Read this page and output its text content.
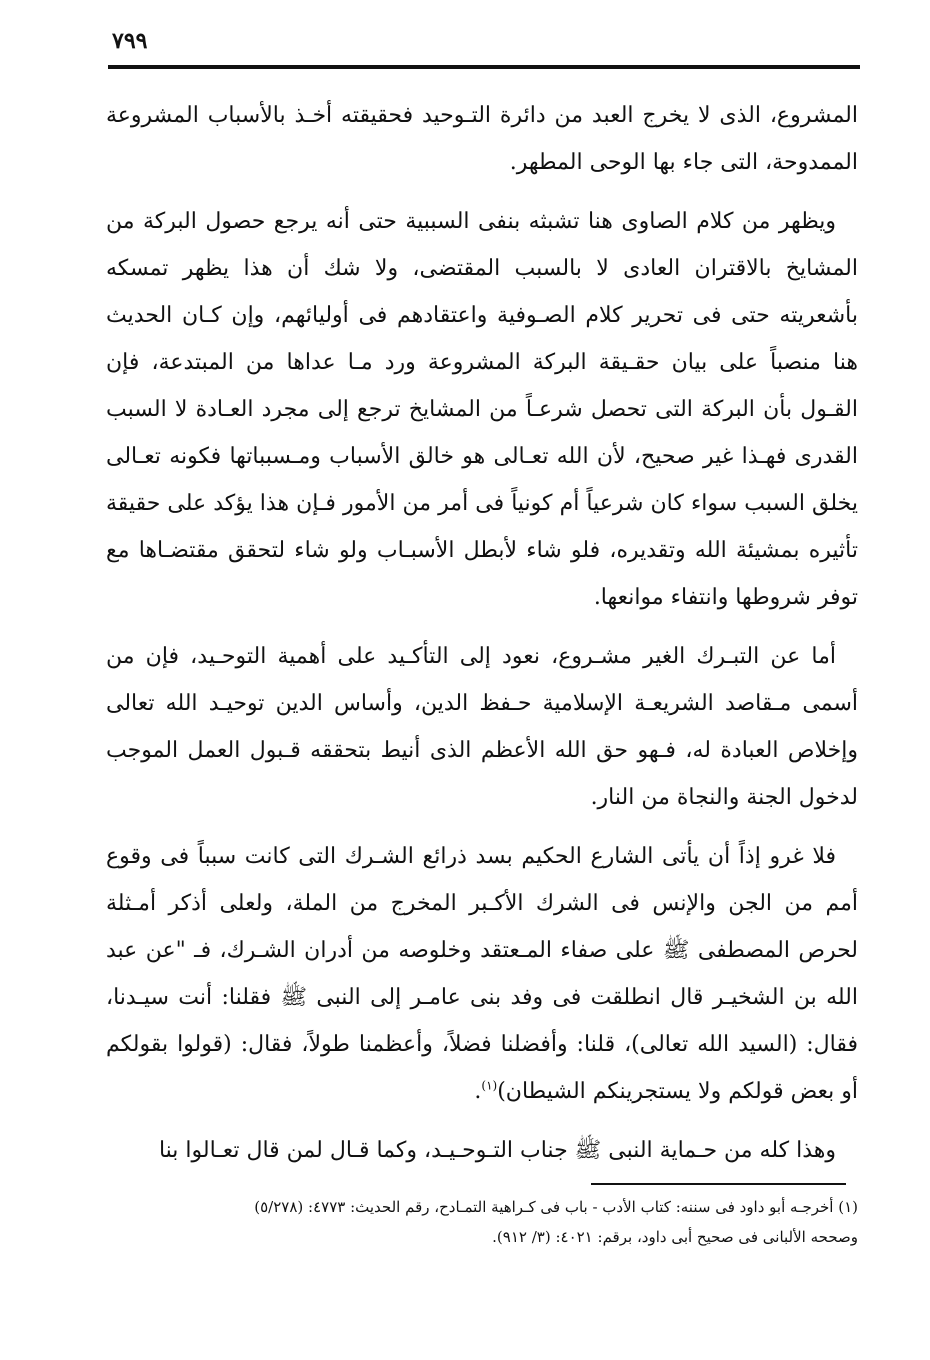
٧٩٩

المشروع، الذى لا يخرج العبد من دائرة التـوحيد فحقيقته أخـذ بالأسباب المشروعة الممدوحة، التى جاء بها الوحى المطهر.

ويظهر من كلام الصاوى هنا تشبثه بنفى السببية حتى أنه يرجع حصول البركة من المشايخ بالاقتران العادى لا بالسبب المقتضى، ولا شك أن هذا يظهر تمسكه بأشعريته حتى فى تحرير كلام الصـوفية واعتقادهم فى أوليائهم، وإن كـان الحديث هنا منصباً على بيان حقـيقة البركة المشروعة ورد مـا عداها من المبتدعة، فإن القـول بأن البركة التى تحصل شرعـاً من المشايخ ترجع إلى مجرد العـادة لا السبب القدرى فهـذا غير صحيح، لأن الله تعـالى هو خالق الأسباب ومـسبباتها فكونه تعـالى يخلق السبب سواء كان شرعياً أم كونياً فى أمر من الأمور فـإن هذا يؤكد على حقيقة تأثيره بمشيئة الله وتقديره، فلو شاء لأبطل الأسبـاب ولو شاء لتحقق مقتضـاها مع توفر شروطها وانتفاء موانعها.

أما عن التبـرك الغير مشـروع، نعود إلى التأكـيد على أهمية التوحـيد، فإن من أسمى مـقاصد الشريعـة الإسلامية حـفظ الدين، وأساس الدين توحيـد الله تعالى وإخلاص العبادة له، فـهو حق الله الأعظم الذى أنيط بتحققه قـبول العمل الموجب لدخول الجنة والنجاة من النار.

فلا غرو إذاً أن يأتى الشارع الحكيم بسد ذرائع الشـرك التى كانت سبباً فى وقوع أمم من الجن والإنس فى الشرك الأكـبر المخرج من الملة، ولعلى أذكر أمـثلة لحرص المصطفى ﷺ على صفاء المـعتقد وخلوصه من أدران الشـرك، فـ "عن عبد الله بن الشخيـر قال انطلقت فى وفد بنى عامـر إلى النبى ﷺ فقلنا: أنت سيـدنا، فقال: (السيد الله تعالى)، قلنا: وأفضلنا فضلاً، وأعظمنا طولاً، فقال: (قولوا بقولكم أو بعض قولكم ولا يستجرينكم الشيطان)$^{(١)}$.

وهذا كله من حـماية النبى ﷺ جناب التـوحـيـد، وكما قـال لمن قال تعـالوا بنا

(١) أخرجـه أبو داود فى سننه: كتاب الأدب - باب فى كـراهية التمـادح، رقم الحديث: ٤٧٧٣: (٥/٢٧٨)

وصححه الألبانى فى صحيح أبى داود، برقم: ٤٠٢١: (٣/ ٩١٢).
